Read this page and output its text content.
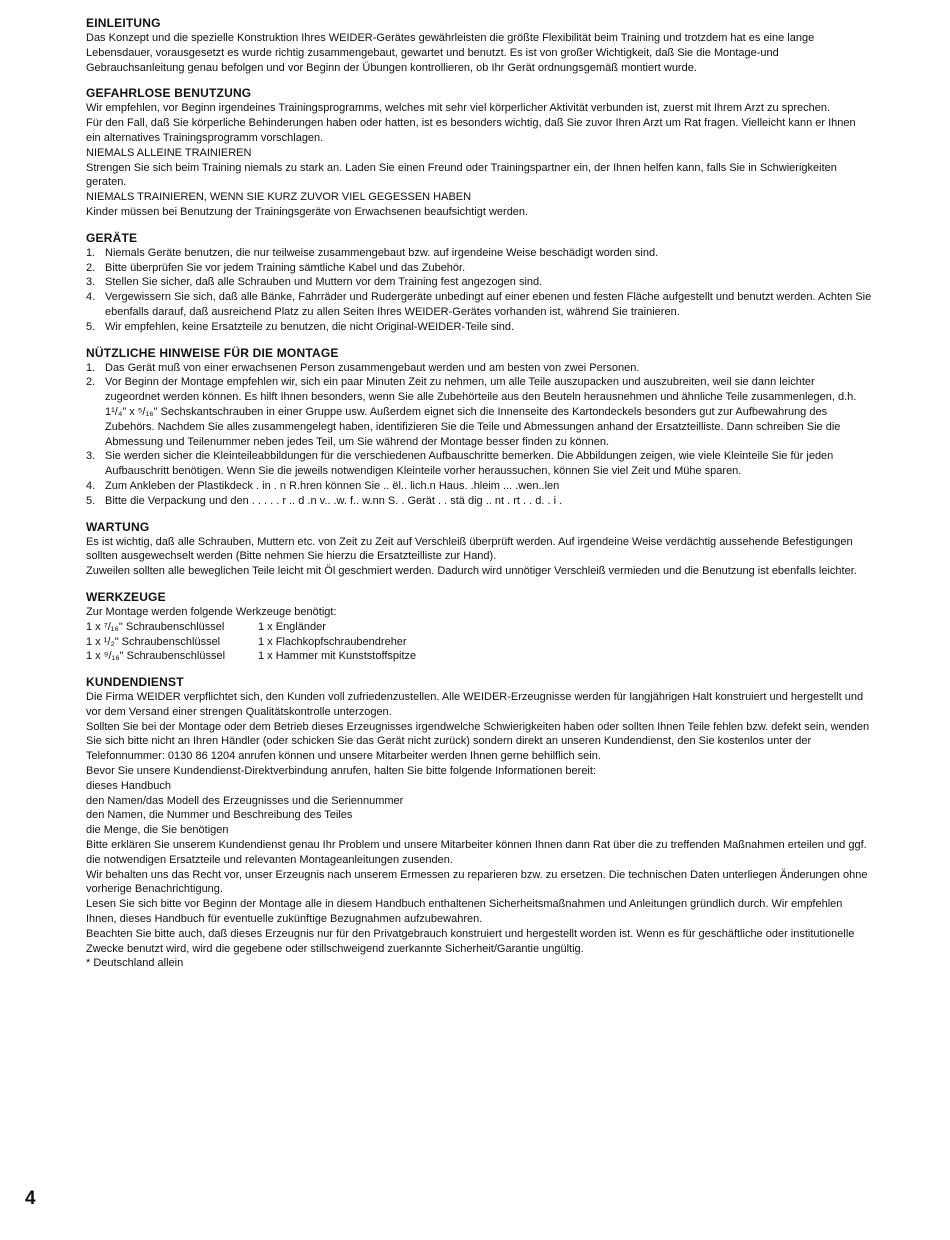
EINLEITUNG

Das Konzept und die spezielle Konstruktion Ihres WEIDER-Gerätes gewährleisten die größte Flexibilität beim Training und trotzdem hat es eine lange Lebensdauer, vorausgesetzt es wurde richtig zusammengebaut, gewartet und benutzt. Es ist von großer Wichtigkeit, daß Sie die Montage-und Gebrauchsanleitung genau befolgen und vor Beginn der Übungen kontrollieren, ob Ihr Gerät ordnungsgemäß montiert wurde.

GEFAHRLOSE BENUTZUNG

Wir empfehlen, vor Beginn irgendeines Trainingsprogramms, welches mit sehr viel körperlicher Aktivität verbunden ist, zuerst mit Ihrem Arzt zu sprechen.

Für den Fall, daß Sie körperliche Behinderungen haben oder hatten, ist es besonders wichtig, daß Sie zuvor Ihren Arzt um Rat fragen. Vielleicht kann er Ihnen ein alternatives Trainingsprogramm vorschlagen.

NIEMALS ALLEINE TRAINIEREN

Strengen Sie sich beim Training niemals zu stark an. Laden Sie einen Freund oder Trainingspartner ein, der Ihnen helfen kann, falls Sie in Schwierigkeiten geraten.

NIEMALS TRAINIEREN, WENN SIE KURZ ZUVOR VIEL GEGESSEN HABEN

Kinder müssen bei Benutzung der Trainingsgeräte von Erwachsenen beaufsichtigt werden.

GERÄTE
1. Niemals Geräte benutzen, die nur teilweise zusammengebaut bzw. auf irgendeine Weise beschädigt worden sind.
2. Bitte überprüfen Sie vor jedem Training sämtliche Kabel und das Zubehör.
3. Stellen Sie sicher, daß alle Schrauben und Muttern vor dem Training fest angezogen sind.
4. Vergewissern Sie sich, daß alle Bänke, Fahrräder und Rudergeräte unbedingt auf einer ebenen und festen Fläche aufgestellt und benutzt werden. Achten Sie ebenfalls darauf, daß ausreichend Platz zu allen Seiten Ihres WEIDER-Gerätes vorhanden ist, während Sie trainieren.
5. Wir empfehlen, keine Ersatzteile zu benutzen, die nicht Original-WEIDER-Teile sind.
NÜTZLICHE HINWEISE FÜR DIE MONTAGE
1. Das Gerät muß von einer erwachsenen Person zusammengebaut werden und am besten von zwei Personen.
2. Vor Beginn der Montage empfehlen wir, sich ein paar Minuten Zeit zu nehmen, um alle Teile auszupacken und auszubreiten, weil sie dann leichter zugeordnet werden können. Es hilft Ihnen besonders, wenn Sie alle Zubehörteile aus den Beuteln herausnehmen und ähnliche Teile zusammenlegen, d.h. 1¹/₄" x ⁵/₁₆" Sechskantschrauben in einer Gruppe usw. Außerdem eignet sich die Innenseite des Kartondeckels besonders gut zur Aufbewahrung des Zubehörs. Nachdem Sie alles zusammengelegt haben, identifizieren Sie die Teile und Abmessungen anhand der Ersatzteilliste. Dann schreiben Sie die Abmessung und Teilenummer neben jedes Teil, um Sie während der Montage besser finden zu können.
3. Sie werden sicher die Kleinteileabbildungen für die verschiedenen Aufbauschritte bemerken. Die Abbildungen zeigen, wie viele Kleinteile Sie für jeden Aufbauschritt benötigen. Wenn Sie die jeweils notwendigen Kleinteile vorher heraussuchen, können Sie viel Zeit und Mühe sparen.
4. Zum Ankleben der Plastikdeck . in . n R.hren können Sie .. ël.. lich.n Haus. .hleim ... .wen..len
5. Bitte die Verpackung und den . . . . . r .. d .n v.. .w. f.. w.nn S. . Gerät . . stä dig .. nt . rt . . d. . i .
WARTUNG

Es ist wichtig, daß alle Schrauben, Muttern etc. von Zeit zu Zeit auf Verschleiß überprüft werden. Auf irgendeine Weise verdächtig aussehende Befestigungen sollten ausgewechselt werden (Bitte nehmen Sie hierzu die Ersatzteilliste zur Hand).

Zuweilen sollten alle beweglichen Teile leicht mit Öl geschmiert werden. Dadurch wird unnötiger Verschleiß vermieden und die Benutzung ist ebenfalls leichter.

WERKZEUGE

Zur Montage werden folgende Werkzeuge benötigt:

1 x ⁷/₁₆" Schraubenschlüssel	1 x Engländer
1 x ¹/₂" Schraubenschlüssel	1 x Flachkopfschraubendreher
1 x ⁹/₁₆" Schraubenschlüssel	1 x Hammer mit Kunststoffspitze
KUNDENDIENST

Die Firma WEIDER verpflichtet sich, den Kunden voll zufriedenzustellen. Alle WEIDER-Erzeugnisse werden für langjährigen Halt konstruiert und hergestellt und vor dem Versand einer strengen Qualitätskontrolle unterzogen.

Sollten Sie bei der Montage oder dem Betrieb dieses Erzeugnisses irgendwelche Schwierigkeiten haben oder sollten Ihnen Teile fehlen bzw. defekt sein, wenden Sie sich bitte nicht an Ihren Händler (oder schicken Sie das Gerät nicht zurück) sondern direkt an unseren Kundendienst, den Sie kostenlos unter der Telefonnummer: 0130 86 1204 anrufen können und unsere Mitarbeiter werden Ihnen gerne behilflich sein.

Bevor Sie unsere Kundendienst-Direktverbindung anrufen, halten Sie bitte folgende Informationen bereit:

dieses Handbuch

den Namen/das Modell des Erzeugnisses und die Seriennummer

den Namen, die Nummer und Beschreibung des Teiles

die Menge, die Sie benötigen

Bitte erklären Sie unserem Kundendienst genau Ihr Problem und unsere Mitarbeiter können Ihnen dann Rat über die zu treffenden Maßnahmen erteilen und ggf. die notwendigen Ersatzteile und relevanten Montageanleitungen zusenden.

Wir behalten uns das Recht vor, unser Erzeugnis nach unserem Ermessen zu reparieren bzw. zu ersetzen. Die technischen Daten unterliegen Änderungen ohne vorherige Benachrichtigung.

Lesen Sie sich bitte vor Beginn der Montage alle in diesem Handbuch enthaltenen Sicherheitsmaßnahmen und Anleitungen gründlich durch. Wir empfehlen Ihnen, dieses Handbuch für eventuelle zukünftige Bezugnahmen aufzubewahren.

Beachten Sie bitte auch, daß dieses Erzeugnis nur für den Privatgebrauch konstruiert und hergestellt worden ist. Wenn es für geschäftliche oder institutionelle Zwecke benutzt wird, wird die gegebene oder stillschweigend zuerkannte Sicherheit/Garantie ungültig.

* Deutschland allein

4
